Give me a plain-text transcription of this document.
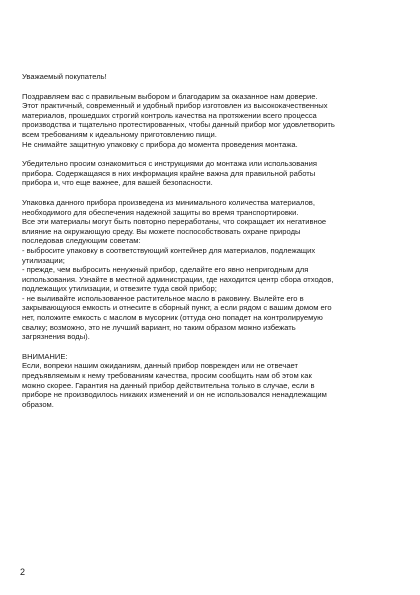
Уважаемый покупатель!

Поздравляем вас с правильным выбором и благодарим за оказанное нам доверие.
Этот практичный, современный и удобный прибор изготовлен из высококачественных
материалов, прошедших строгий контроль качества на протяжении всего процесса
производства и тщательно протестированных, чтобы данный прибор мог удовлетворить
всем требованиям к идеальному приготовлению пищи.
Не снимайте защитную упаковку с прибора до момента проведения монтажа.

Убедительно просим ознакомиться с инструкциями до монтажа или использования
прибора. Содержащаяся в них информация крайне важна для правильной работы
прибора и, что еще важнее, для вашей безопасности.

Упаковка данного прибора произведена из минимального количества материалов,
необходимого для обеспечения надежной защиты во время транспортировки.
Все эти материалы могут быть повторно переработаны, что сокращает их негативное
влияние на окружающую среду. Вы можете поспособствовать охране природы
последовав следующим советам:
- выбросите упаковку в соответствующий контейнер для материалов, подлежащих
утилизации;
- прежде, чем выбросить ненужный прибор, сделайте его явно непригодным для
использования. Узнайте в местной администрации, где находится центр сбора отходов,
подлежащих утилизации, и отвезите туда свой прибор;
- не выливайте использованное растительное масло в раковину. Вылейте его в
закрывающуюся емкость и отнесите в сборный пункт, а если рядом с вашим домом его
нет, положите емкость с маслом в мусорник (оттуда оно попадет на контролируемую
свалку; возможно, это не лучший вариант, но таким образом можно избежать
загрязнения воды).

ВНИМАНИЕ:
Если, вопреки нашим ожиданиям, данный прибор поврежден или не отвечает
предъявляемым к нему требованиям качества, просим сообщить нам об этом как
можно скорее. Гарантия на данный прибор действительна только в случае, если в
приборе не производилось никаких изменений и он не использовался ненадлежащим
образом.

2
